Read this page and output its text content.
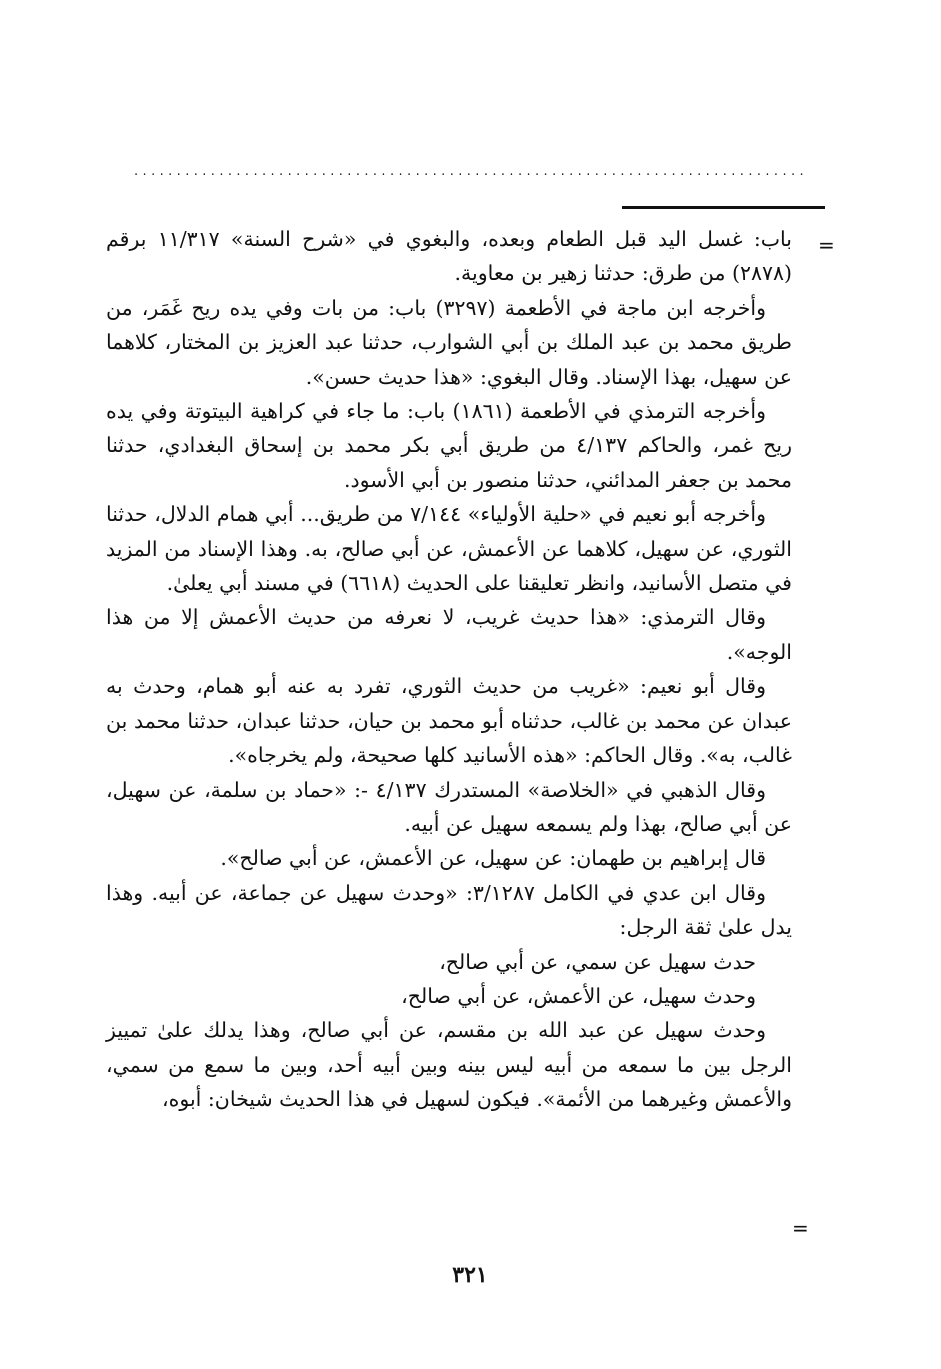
...............................................................................
=

باب: غسل اليد قبل الطعام وبعده، والبغوي في «شرح السنة» ١١/٣١٧ برقم (٢٨٧٨) من طرق: حدثنا زهير بن معاوية.

وأخرجه ابن ماجة في الأطعمة (٣٢٩٧) باب: من بات وفي يده ريح غَمَر، من طريق محمد بن عبد الملك بن أبي الشوارب، حدثنا عبد العزيز بن المختار، كلاهما عن سهيل، بهذا الإسناد. وقال البغوي: «هذا حديث حسن».

وأخرجه الترمذي في الأطعمة (١٨٦١) باب: ما جاء في كراهية البيتوتة وفي يده ريح غمر، والحاكم ٤/١٣٧ من طريق أبي بكر محمد بن إسحاق البغدادي، حدثنا محمد بن جعفر المدائني، حدثنا منصور بن أبي الأسود.

وأخرجه أبو نعيم في «حلية الأولياء» ٧/١٤٤ من طريق... أبي همام الدلال، حدثنا الثوري، عن سهيل، كلاهما عن الأعمش، عن أبي صالح، به. وهذا الإسناد من المزيد في متصل الأسانيد، وانظر تعليقنا على الحديث (٦٦١٨) في مسند أبي يعلىٰ.

وقال الترمذي: «هذا حديث غريب، لا نعرفه من حديث الأعمش إلا من هذا الوجه».

وقال أبو نعيم: «غريب من حديث الثوري، تفرد به عنه أبو همام، وحدث به عبدان عن محمد بن غالب، حدثناه أبو محمد بن حيان، حدثنا عبدان، حدثنا محمد بن غالب، به». وقال الحاكم: «هذه الأسانيد كلها صحيحة، ولم يخرجاه».

وقال الذهبي في «الخلاصة» المستدرك ٤/١٣٧ -: «حماد بن سلمة، عن سهيل، عن أبي صالح، بهذا ولم يسمعه سهيل عن أبيه.

قال إبراهيم بن طهمان: عن سهيل، عن الأعمش، عن أبي صالح».

وقال ابن عدي في الكامل ٣/١٢٨٧: «وحدث سهيل عن جماعة، عن أبيه. وهذا يدل علىٰ ثقة الرجل:

حدث سهيل عن سمي، عن أبي صالح،

وحدث سهيل، عن الأعمش، عن أبي صالح،

وحدث سهيل عن عبد الله بن مقسم، عن أبي صالح، وهذا يدلك علىٰ تمييز الرجل بين ما سمعه من أبيه ليس بينه وبين أبيه أحد، وبين ما سمع من سمي، والأعمش وغيرهما من الأئمة». فيكون لسهيل في هذا الحديث شيخان: أبوه،

=
٣٢١
